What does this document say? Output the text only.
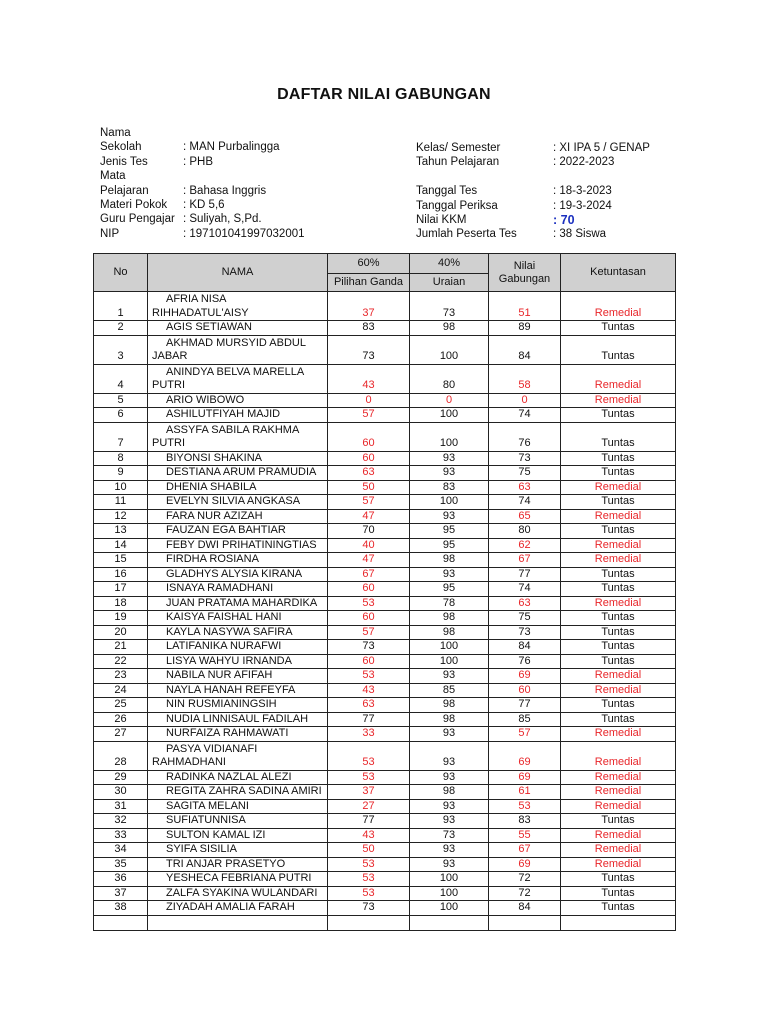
DAFTAR NILAI GABUNGAN
Nama
Sekolah	: MAN Purbalingga
Jenis Tes	: PHB
Mata
Pelajaran	: Bahasa Inggris
Materi Pokok : KD 5,6
Guru Pengajar : Suliyah, S,Pd.
NIP	: 197101041997032001
Kelas/ Semester	: XI IPA 5 / GENAP
Tahun Pelajaran	: 2022-2023
Tanggal Tes	: 18-3-2023
Tanggal Periksa	: 19-3-2024
Nilai KKM	: 70
Jumlah Peserta Tes	: 38 Siswa
No	NAMA	60%	40%	Nilai Gabungan	Ketuntasan
		Pilihan Ganda	Uraian		
1	AFRIA NISA
RIHHADATUL'AISY	37	73	51	Remedial
2	AGIS SETIAWAN	83	98	89	Tuntas
3	AKHMAD MURSYID ABDUL
JABAR	73	100	84	Tuntas
4	ANINDYA BELVA MARELLA
PUTRI	43	80	58	Remedial
5	ARIO WIBOWO	0	0	0	Remedial
6	ASHILUTFIYAH MAJID	57	100	74	Tuntas
7	ASSYFA SABILA RAKHMA
PUTRI	60	100	76	Tuntas
8	BIYONSI SHAKINA	60	93	73	Tuntas
9	DESTIANA ARUM PRAMUDIA	63	93	75	Tuntas
10	DHENIA SHABILA	50	83	63	Remedial
11	EVELYN SILVIA ANGKASA	57	100	74	Tuntas
12	FARA NUR AZIZAH	47	93	65	Remedial
13	FAUZAN EGA BAHTIAR	70	95	80	Tuntas
14	FEBY DWI PRIHATININGTIAS	40	95	62	Remedial
15	FIRDHA ROSIANA	47	98	67	Remedial
16	GLADHYS ALYSIA KIRANA	67	93	77	Tuntas
17	ISNAYA RAMADHANI	60	95	74	Tuntas
18	JUAN PRATAMA MAHARDIKA	53	78	63	Remedial
19	KAISYA FAISHAL HANI	60	98	75	Tuntas
20	KAYLA NASYWA SAFIRA	57	98	73	Tuntas
21	LATIFANIKA NURAFWI	73	100	84	Tuntas
22	LISYA WAHYU IRNANDA	60	100	76	Tuntas
23	NABILA NUR AFIFAH	53	93	69	Remedial
24	NAYLA HANAH REFEYFA	43	85	60	Remedial
25	NIN RUSMIANINGSIH	63	98	77	Tuntas
26	NUDIA LINNISAUL FADILAH	77	98	85	Tuntas
27	NURFAIZA RAHMAWATI	33	93	57	Remedial
28	PASYA VIDIANAFI
RAHMADHANI	53	93	69	Remedial
29	RADINKA NAZLAL ALEZI	53	93	69	Remedial
30	REGITA ZAHRA SADINA AMIRI	37	98	61	Remedial
31	SAGITA MELANI	27	93	53	Remedial
32	SUFIATUNNISA	77	93	83	Tuntas
33	SULTON KAMAL IZI	43	73	55	Remedial
34	SYIFA SISILIA	50	93	67	Remedial
35	TRI ANJAR PRASETYO	53	93	69	Remedial
36	YESHECA FEBRIANA PUTRI	53	100	72	Tuntas
37	ZALFA SYAKINA WULANDARI	53	100	72	Tuntas
38	ZIYADAH AMALIA FARAH	73	100	84	Tuntas
